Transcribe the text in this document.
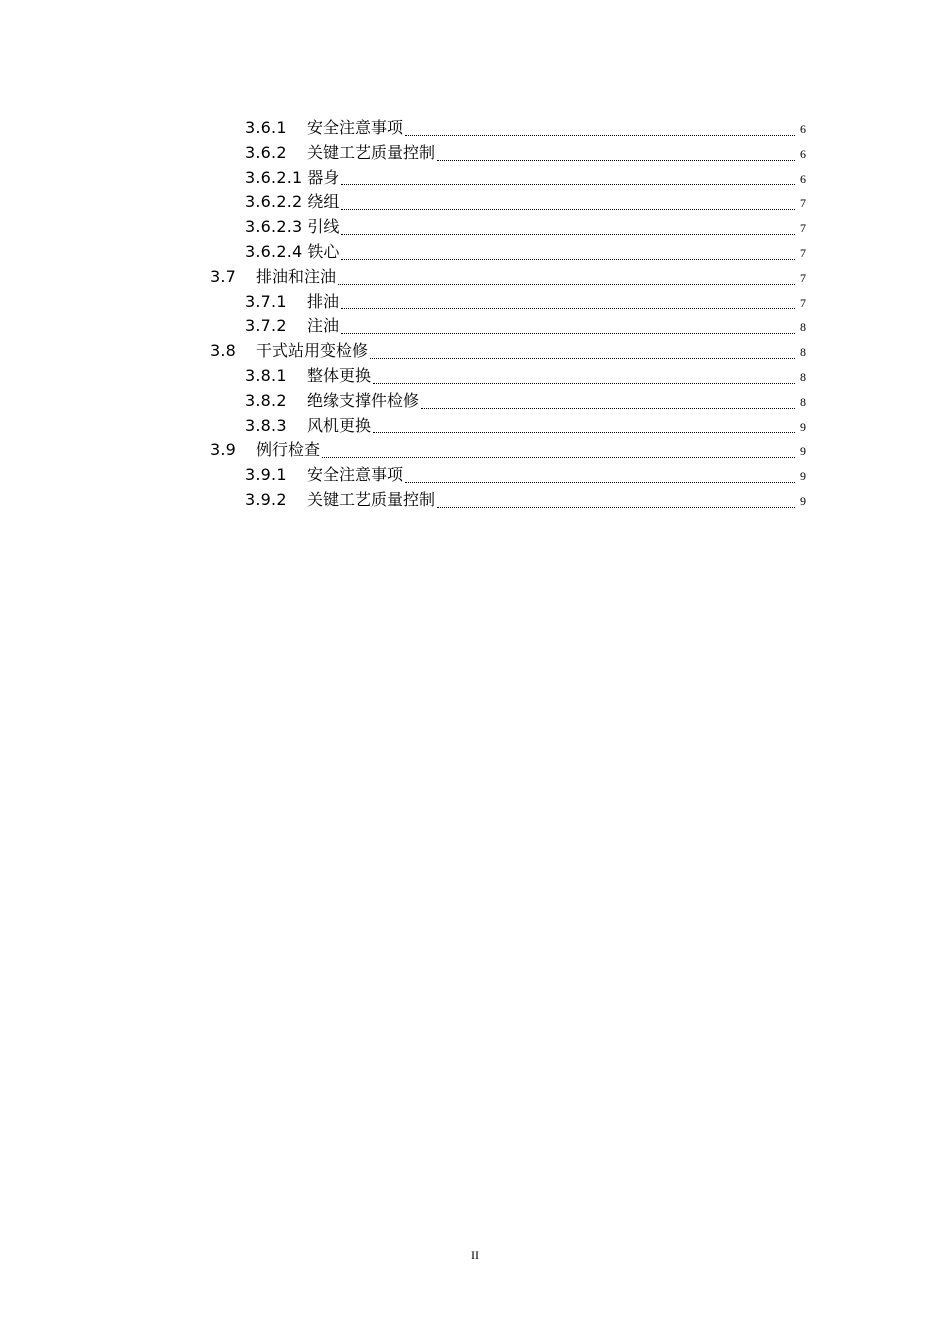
3.6.1	安全注意事项	6
3.6.2	关键工艺质量控制	6
3.6.2.1 器身	6
3.6.2.2 绕组	7
3.6.2.3 引线	7
3.6.2.4 铁心	7
3.7	排油和注油	7
3.7.1	排油	7
3.7.2	注油	8
3.8	干式站用变检修	8
3.8.1	整体更换	8
3.8.2	绝缘支撑件检修	8
3.8.3	风机更换	9
3.9	例行检查	9
3.9.1	安全注意事项	9
3.9.2	关键工艺质量控制	9
II
